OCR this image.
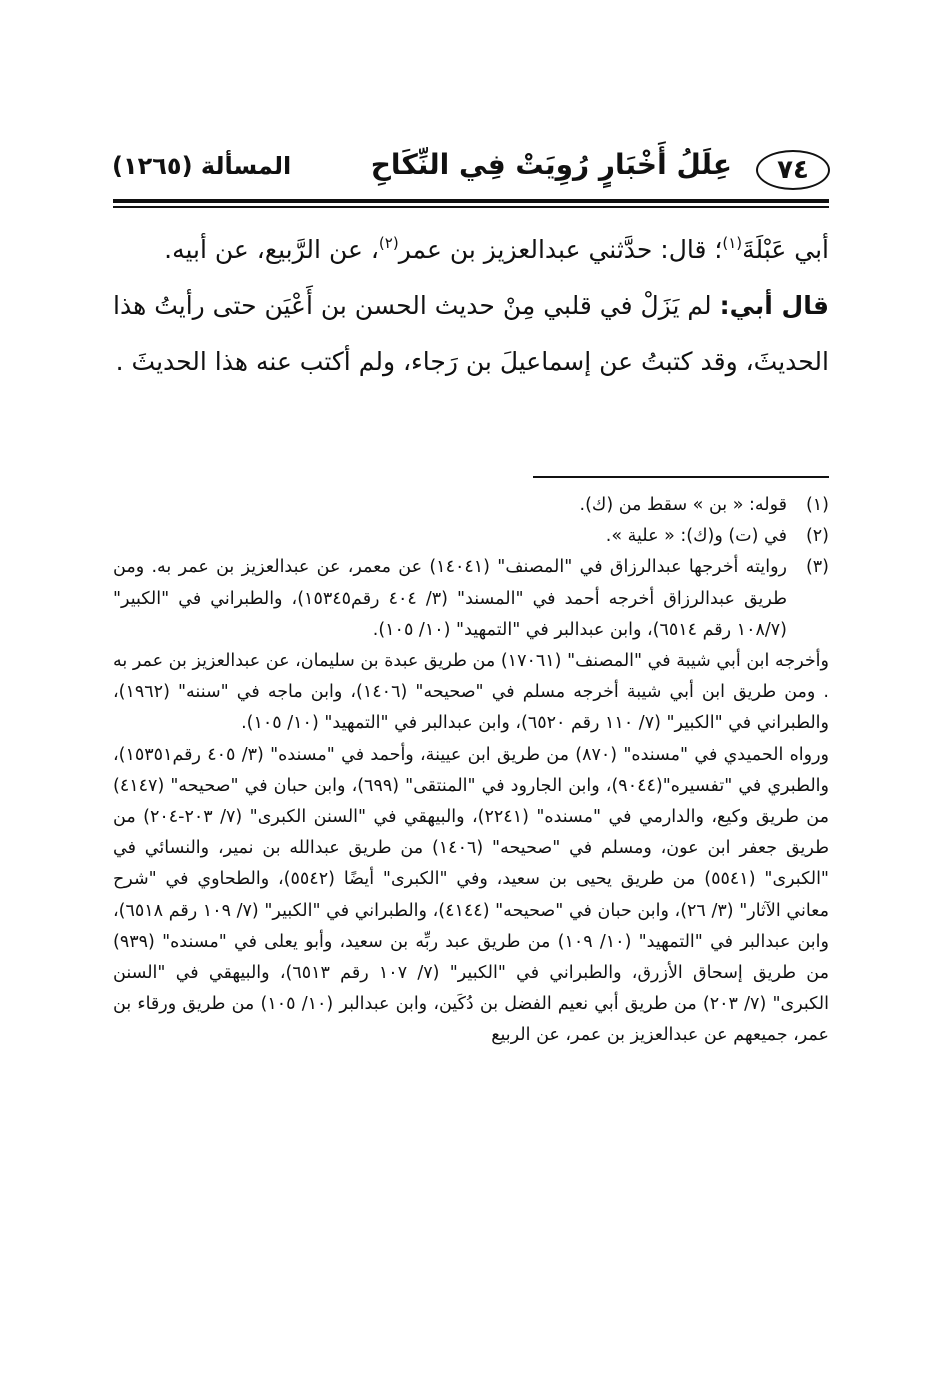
٧٤
عِلَلُ أَخْبَارٍ رُوِيَتْ فِي النِّكَاحِ
المسألة (١٢٦٥)

أبي عَبْلَةَ$^{(١)}$؛ قال: حدَّثني عبدالعزيز بن عمر$^{(٢)}$، عن الرَّبيع، عن أبيه.

قال أبي: لم يَزَلْ في قلبي مِنْ حديث الحسن بن أَعْيَن حتى رأيتُ هذا الحديثَ، وقد كتبتُ عن إسماعيلَ بن رَجاء، ولم أكتب عنه هذا الحديثَ .

(١)
قوله: « بن » سقط من (ك).
(٢)
في (ت) و(ك): « علية ».
(٣)
روايته أخرجها عبدالرزاق في "المصنف" (١٤٠٤١) عن معمر، عن عبدالعزيز بن عمر به. ومن طريق عبدالرزاق أخرجه أحمد في "المسند" (٣/ ٤٠٤ رقم١٥٣٤٥)، والطبراني في "الكبير" (١٠٨/٧ رقم ٦٥١٤)، وابن عبدالبر في "التمهيد" (١٠/ ١٠٥).
وأخرجه ابن أبي شيبة في "المصنف" (١٧٠٦١) من طريق عبدة بن سليمان، عن عبدالعزيز بن عمر به . ومن طريق ابن أبي شيبة أخرجه مسلم في "صحيحه" (١٤٠٦)، وابن ماجه في "سننه" (١٩٦٢)، والطبراني في "الكبير" (٧/ ١١٠ رقم ٦٥٢٠)، وابن عبدالبر في "التمهيد" (١٠/ ١٠٥).
ورواه الحميدي في "مسنده" (٨٧٠) من طريق ابن عيينة، وأحمد في "مسنده" (٣/ ٤٠٥ رقم١٥٣٥١)، والطبري في "تفسيره"(٩٠٤٤)، وابن الجارود في "المنتقى" (٦٩٩)، وابن حبان في "صحيحه" (٤١٤٧) من طريق وكيع، والدارمي في "مسنده" (٢٢٤١)، والبيهقي في "السنن الكبرى" (٧/ ٢٠٣-٢٠٤) من طريق جعفر ابن عون، ومسلم في "صحيحه" (١٤٠٦) من طريق عبدالله بن نمير، والنسائي في "الكبرى" (٥٥٤١) من طريق يحيى بن سعيد، وفي "الكبرى" أيضًا (٥٥٤٢)، والطحاوي في "شرح معاني الآثار" (٣/ ٢٦)، وابن حبان في "صحيحه" (٤١٤٤)، والطبراني في "الكبير" (٧/ ١٠٩ رقم ٦٥١٨)، وابن عبدالبر في "التمهيد" (١٠/ ١٠٩) من طريق عبد ربِّه بن سعيد، وأبو يعلى في "مسنده" (٩٣٩) من طريق إسحاق الأزرق، والطبراني في "الكبير" (٧/ ١٠٧ رقم ٦٥١٣)، والبيهقي في "السنن الكبرى" (٧/ ٢٠٣) من طريق أبي نعيم الفضل بن دُكَين، وابن عبدالبر (١٠/ ١٠٥) من طريق ورقاء بن عمر، جميعهم عن عبدالعزيز بن عمر، عن الربيع
